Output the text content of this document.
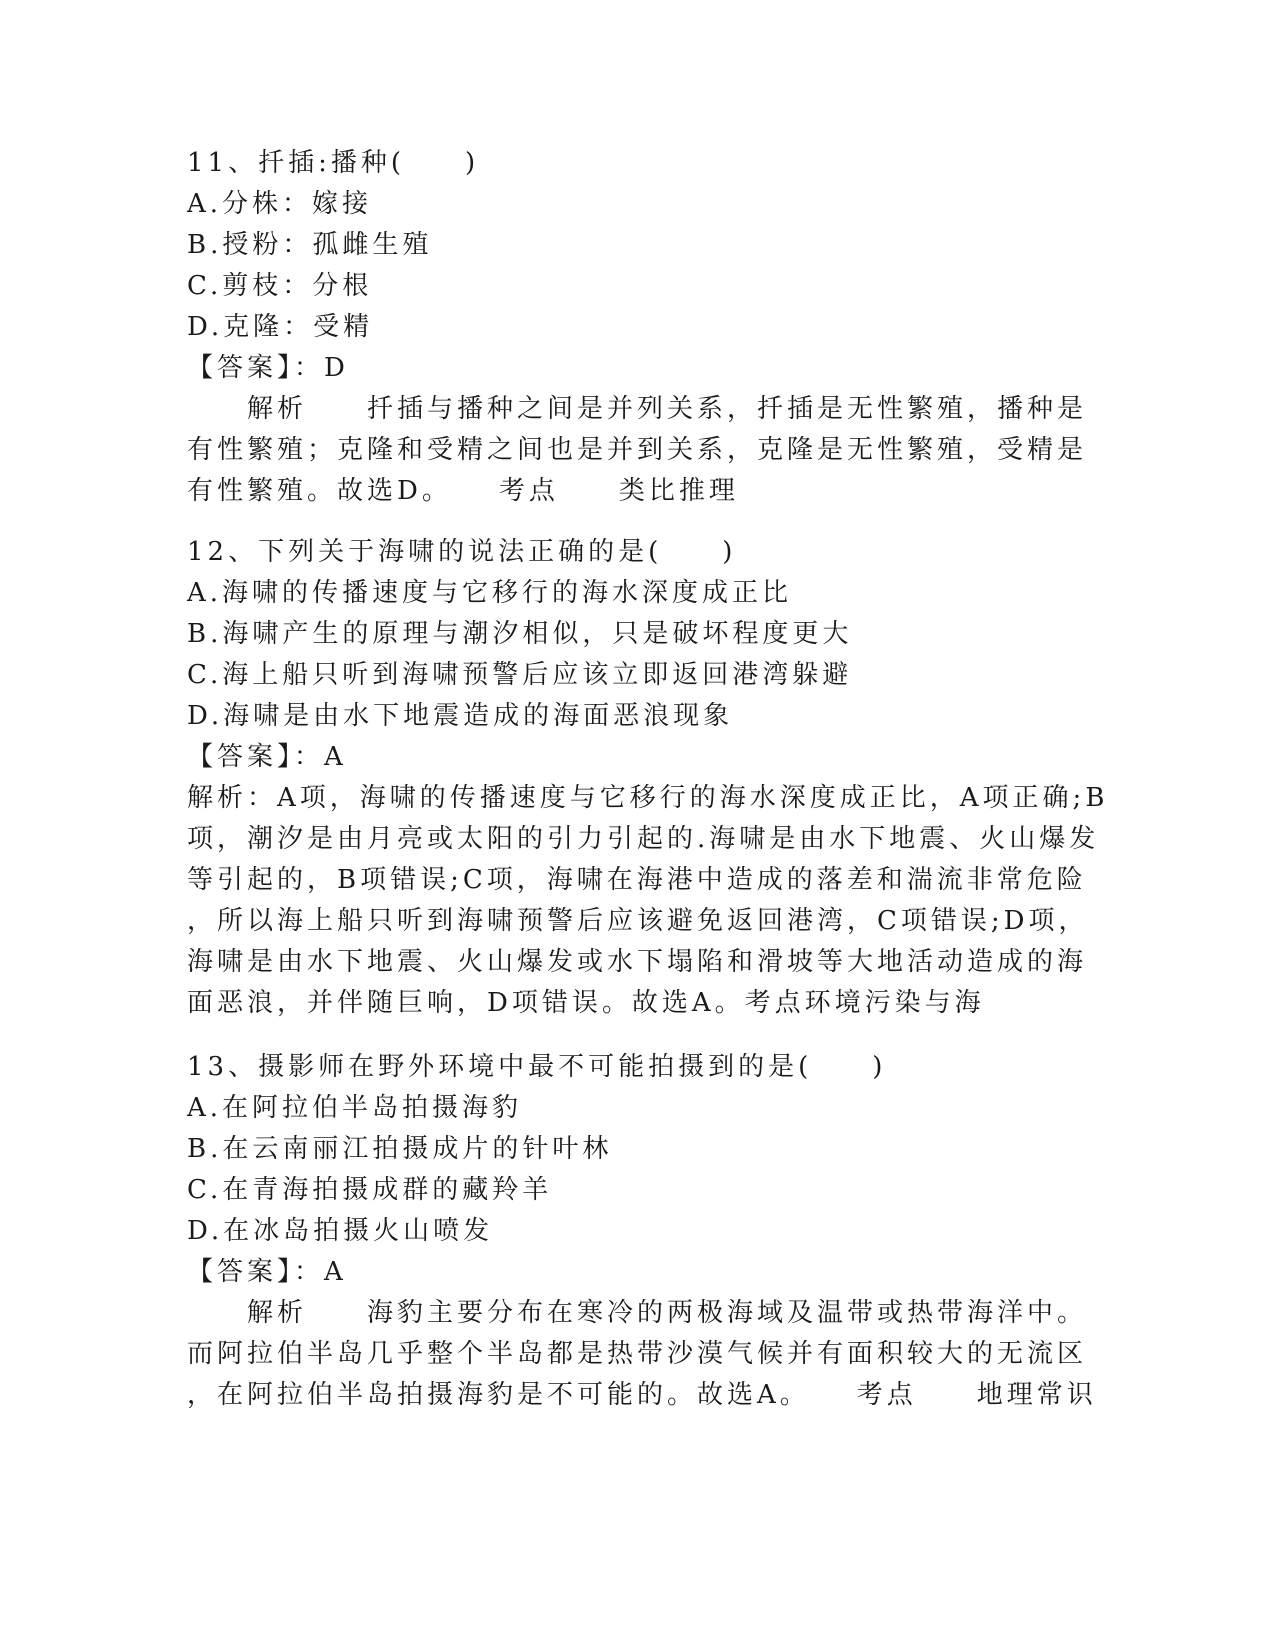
11、扦插:播种(　　)
A.分株：嫁接
B.授粉：孤雌生殖
C.剪枝：分根
D.克隆：受精
【答案】：D
　　解析　　扦插与播种之间是并列关系，扦插是无性繁殖，播种是
有性繁殖；克隆和受精之间也是并到关系，克隆是无性繁殖，受精是
有性繁殖。故选D。　　考点　　类比推理
12、下列关于海啸的说法正确的是(　　)
A.海啸的传播速度与它移行的海水深度成正比
B.海啸产生的原理与潮汐相似，只是破坏程度更大
C.海上船只听到海啸预警后应该立即返回港湾躲避
D.海啸是由水下地震造成的海面恶浪现象
【答案】：A
解析：A项，海啸的传播速度与它移行的海水深度成正比，A项正确;B
项，潮汐是由月亮或太阳的引力引起的.海啸是由水下地震、火山爆发
等引起的，B项错误;C项，海啸在海港中造成的落差和湍流非常危险
，所以海上船只听到海啸预警后应该避免返回港湾，C项错误;D项，
海啸是由水下地震、火山爆发或水下塌陷和滑坡等大地活动造成的海
面恶浪，并伴随巨响，D项错误。故选A。考点环境污染与海
13、摄影师在野外环境中最不可能拍摄到的是(　　)
A.在阿拉伯半岛拍摄海豹
B.在云南丽江拍摄成片的针叶林
C.在青海拍摄成群的藏羚羊
D.在冰岛拍摄火山喷发
【答案】：A
　　解析　　海豹主要分布在寒冷的两极海域及温带或热带海洋中。
而阿拉伯半岛几乎整个半岛都是热带沙漠气候并有面积较大的无流区
，在阿拉伯半岛拍摄海豹是不可能的。故选A。　　考点　　地理常识
